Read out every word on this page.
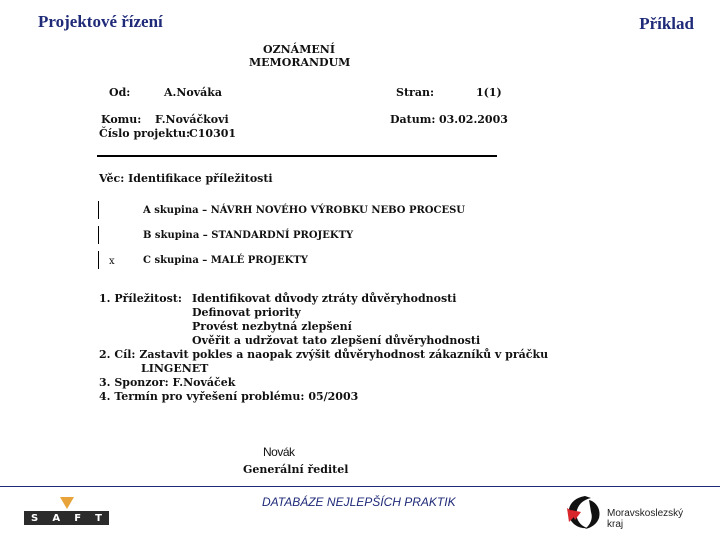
Projektové řízení	Příklad
OZNÁMENÍ
MEMORANDUM
Od:	A.Nováka	Stran:	1(1)
Komu: F.Nováčkovi	Datum: 03.02.2003
Číslo projektu:
C10301
Věc: Identifikace příležitosti
A skupina – NÁVRH NOVÉHO VÝROBKU NEBO PROCESU
B skupina – STANDARDNÍ PROJEKTY
x	C skupina – MALÉ PROJEKTY
1. Příležitost: Identifikovat důvody ztráty důvěryhodnosti
Definovat priority
Provést nezbytná zlepšení
Ověřit a udržovat tato zlepšení důvěryhodnosti
2. Cíl: Zastavit pokles a naopak zvýšit důvěryhodnost zákazníků v práčku
LINGENET
3. Sponzor: F.Nováček
4. Termín pro vyřešení problému: 05/2003
Novák
Generální ředitel
S A F T
DATABÁZE NEJLEPŠÍCH PRAKTIK
Moravskoslezský
kraj
